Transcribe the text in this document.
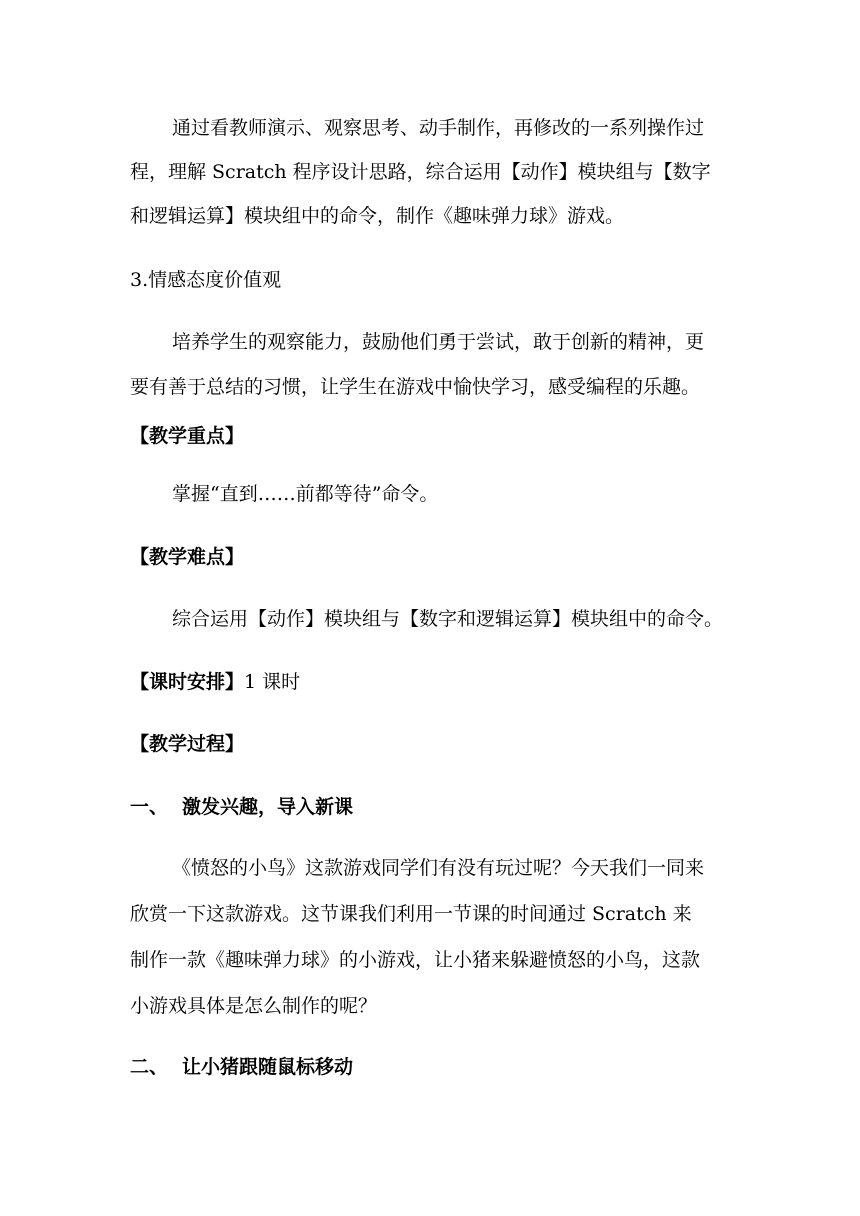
通过看教师演示、观察思考、动手制作，再修改的一系列操作过
程，理解 Scratch 程序设计思路，综合运用【动作】模块组与【数字
和逻辑运算】模块组中的命令，制作《趣味弹力球》游戏。
3.情感态度价值观
培养学生的观察能力，鼓励他们勇于尝试，敢于创新的精神，更
要有善于总结的习惯，让学生在游戏中愉快学习，感受编程的乐趣。
【教学重点】
掌握“直到……前都等待”命令。
【教学难点】
综合运用【动作】模块组与【数字和逻辑运算】模块组中的命令。
【课时安排】1 课时
【教学过程】
一、 激发兴趣，导入新课
《愤怒的小鸟》这款游戏同学们有没有玩过呢？今天我们一同来
欣赏一下这款游戏。这节课我们利用一节课的时间通过 Scratch 来
制作一款《趣味弹力球》的小游戏，让小猪来躲避愤怒的小鸟，这款
小游戏具体是怎么制作的呢？
二、 让小猪跟随鼠标移动
